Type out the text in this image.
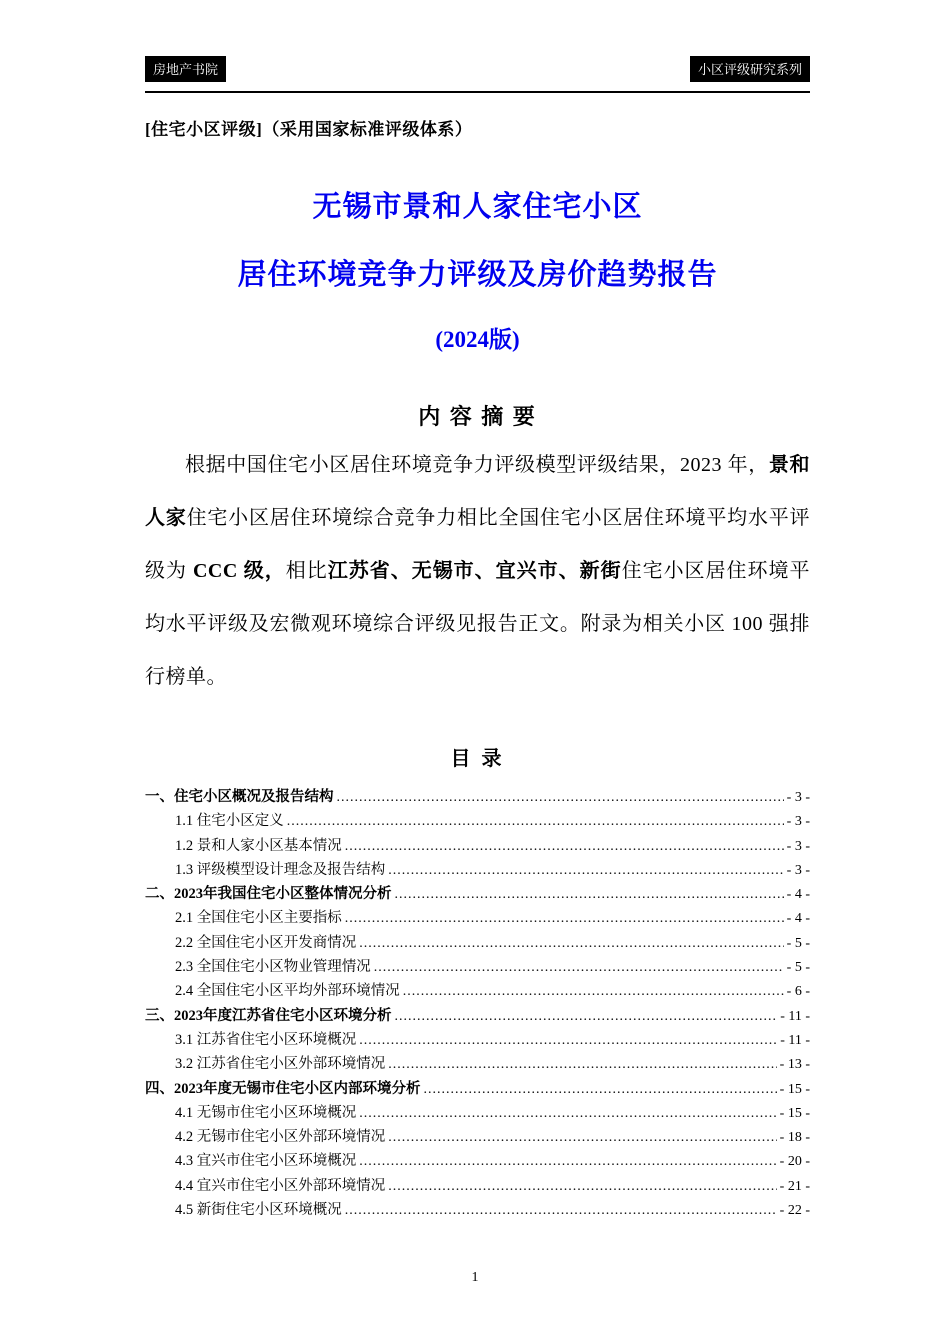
房地产书院	小区评级研究系列
[住宅小区评级]（采用国家标准评级体系）
无锡市景和人家住宅小区
居住环境竞争力评级及房价趋势报告
(2024版)
内 容 摘 要

根据中国住宅小区居住环境竞争力评级模型评级结果，2023 年，景和人家住宅小区居住环境综合竞争力相比全国住宅小区居住环境平均水平评级为 CCC 级，相比江苏省、无锡市、宜兴市、新街住宅小区居住环境平均水平评级及宏微观环境综合评级见报告正文。附录为相关小区 100 强排行榜单。

目 录
一、住宅小区概况及报告结构 .....	- 3 -
1.1 住宅小区定义 .....	- 3 -
1.2 景和人家小区基本情况 .....	- 3 -
1.3 评级模型设计理念及报告结构 .....	- 3 -
二、2023年我国住宅小区整体情况分析 .....	- 4 -
2.1 全国住宅小区主要指标 .....	- 4 -
2.2 全国住宅小区开发商情况 .....	- 5 -
2.3 全国住宅小区物业管理情况 .....	- 5 -
2.4 全国住宅小区平均外部环境情况 .....	- 6 -
三、2023年度江苏省住宅小区环境分析 .....	- 11 -
3.1 江苏省住宅小区环境概况 .....	- 11 -
3.2 江苏省住宅小区外部环境情况 .....	- 13 -
四、2023年度无锡市住宅小区内部环境分析 .....	- 15 -
4.1 无锡市住宅小区环境概况 .....	- 15 -
4.2 无锡市住宅小区外部环境情况 .....	- 18 -
4.3 宜兴市住宅小区环境概况 .....	- 20 -
4.4 宜兴市住宅小区外部环境情况 .....	- 21 -
4.5 新街住宅小区环境概况 .....	- 22 -
1
